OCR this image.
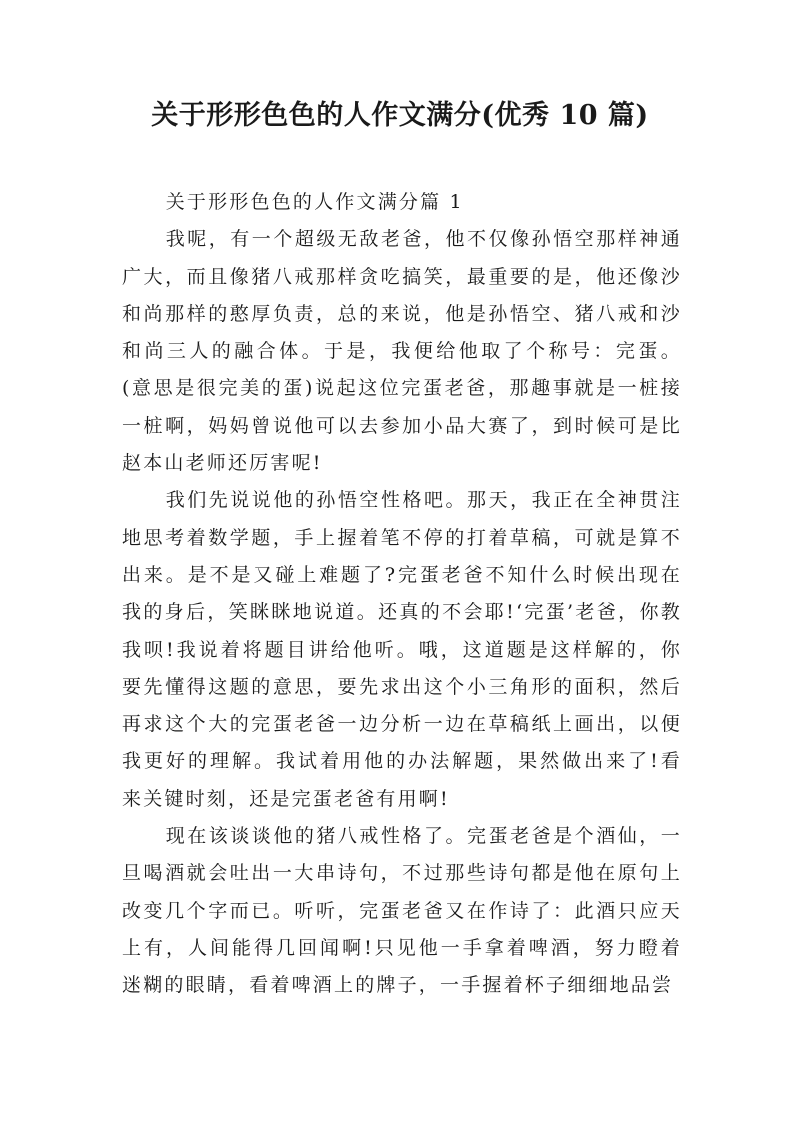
关于形形色色的人作文满分(优秀 10 篇)

关于形形色色的人作文满分篇 1

我呢，有一个超级无敌老爸，他不仅像孙悟空那样神通广大，而且像猪八戒那样贪吃搞笑，最重要的是，他还像沙和尚那样的憨厚负责，总的来说，他是孙悟空、猪八戒和沙和尚三人的融合体。于是，我便给他取了个称号：完蛋。(意思是很完美的蛋)说起这位完蛋老爸，那趣事就是一桩接一桩啊，妈妈曾说他可以去参加小品大赛了，到时候可是比赵本山老师还厉害呢!

我们先说说他的孙悟空性格吧。那天，我正在全神贯注地思考着数学题，手上握着笔不停的打着草稿，可就是算不出来。是不是又碰上难题了?完蛋老爸不知什么时候出现在我的身后，笑眯眯地说道。还真的不会耶!‘完蛋’老爸，你教我呗!我说着将题目讲给他听。哦，这道题是这样解的，你要先懂得这题的意思，要先求出这个小三角形的面积，然后再求这个大的完蛋老爸一边分析一边在草稿纸上画出，以便我更好的理解。我试着用他的办法解题，果然做出来了!看来关键时刻，还是完蛋老爸有用啊!

现在该谈谈他的猪八戒性格了。完蛋老爸是个酒仙，一旦喝酒就会吐出一大串诗句，不过那些诗句都是他在原句上改变几个字而已。听听，完蛋老爸又在作诗了：此酒只应天上有，人间能得几回闻啊!只见他一手拿着啤酒，努力瞪着迷糊的眼睛，看着啤酒上的牌子，一手握着杯子细细地品尝
